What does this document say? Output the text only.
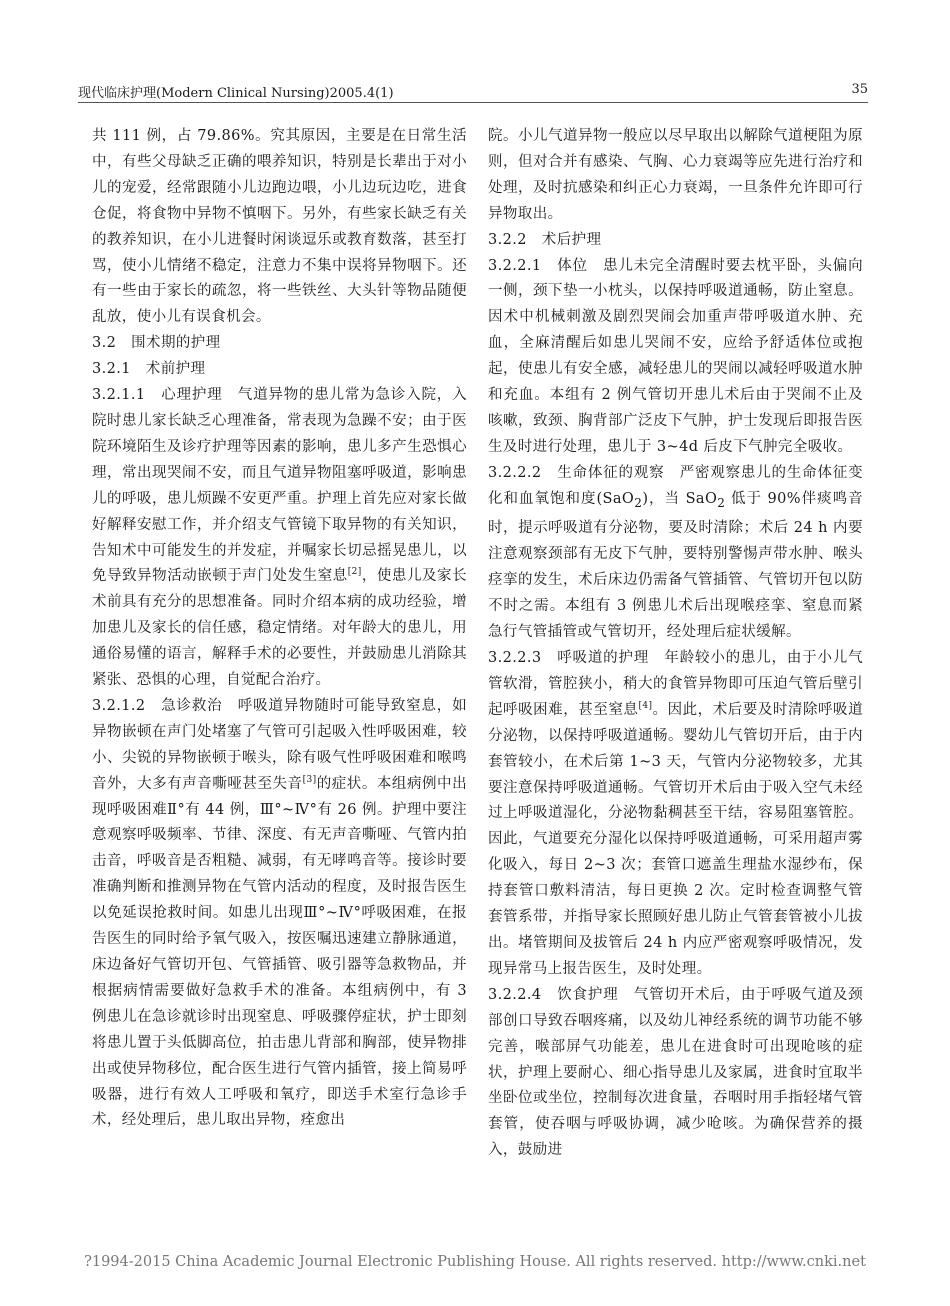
现代临床护理(Modern Clinical Nursing)2005.4(1)	35

共 111 例，占 79.86%。究其原因，主要是在日常生活中，有些父母缺乏正确的喂养知识，特别是长辈出于对小儿的宠爱，经常跟随小儿边跑边喂，小儿边玩边吃，进食仓促，将食物中异物不慎咽下。另外，有些家长缺乏有关的教养知识，在小儿进餐时闲谈逗乐或教育数落，甚至打骂，使小儿情绪不稳定，注意力不集中误将异物咽下。还有一些由于家长的疏忽，将一些铁丝、大头针等物品随便乱放，使小儿有误食机会。

3.2　围术期的护理

3.2.1　术前护理

3.2.1.1　心理护理　气道异物的患儿常为急诊入院，入院时患儿家长缺乏心理准备，常表现为急躁不安；由于医院环境陌生及诊疗护理等因素的影响，患儿多产生恐惧心理，常出现哭闹不安，而且气道异物阻塞呼吸道，影响患儿的呼吸，患儿烦躁不安更严重。护理上首先应对家长做好解释安慰工作，并介绍支气管镜下取异物的有关知识，告知术中可能发生的并发症，并嘱家长切忌摇晃患儿，以免导致异物活动嵌顿于声门处发生窒息[2]，使患儿及家长术前具有充分的思想准备。同时介绍本病的成功经验，增加患儿及家长的信任感，稳定情绪。对年龄大的患儿，用通俗易懂的语言，解释手术的必要性，并鼓励患儿消除其紧张、恐惧的心理，自觉配合治疗。

3.2.1.2　急诊救治　呼吸道异物随时可能导致窒息，如异物嵌顿在声门处堵塞了气管可引起吸入性呼吸困难，较小、尖锐的异物嵌顿于喉头，除有吸气性呼吸困难和喉鸣音外，大多有声音嘶哑甚至失音[3]的症状。本组病例中出现呼吸困难Ⅱ°有 44 例，Ⅲ°~Ⅳ°有 26 例。护理中要注意观察呼吸频率、节律、深度、有无声音嘶哑、气管内拍击音，呼吸音是否粗糙、减弱，有无哮鸣音等。接诊时要准确判断和推测异物在气管内活动的程度，及时报告医生以免延误抢救时间。如患儿出现Ⅲ°~Ⅳ°呼吸困难，在报告医生的同时给予氧气吸入，按医嘱迅速建立静脉通道，床边备好气管切开包、气管插管、吸引器等急救物品，并根据病情需要做好急救手术的准备。本组病例中，有 3 例患儿在急诊就诊时出现窒息、呼吸骤停症状，护士即刻将患儿置于头低脚高位，拍击患儿背部和胸部，使异物排出或使异物移位，配合医生进行气管内插管，接上简易呼吸器，进行有效人工呼吸和氧疗，即送手术室行急诊手术，经处理后，患儿取出异物，痊愈出

院。小儿气道异物一般应以尽早取出以解除气道梗阻为原则，但对合并有感染、气胸、心力衰竭等应先进行治疗和处理，及时抗感染和纠正心力衰竭，一旦条件允许即可行异物取出。

3.2.2　术后护理

3.2.2.1　体位　患儿未完全清醒时要去枕平卧，头偏向一侧，颈下垫一小枕头，以保持呼吸道通畅，防止窒息。因术中机械刺激及剧烈哭闹会加重声带呼吸道水肿、充血，全麻清醒后如患儿哭闹不安，应给予舒适体位或抱起，使患儿有安全感，减轻患儿的哭闹以减轻呼吸道水肿和充血。本组有 2 例气管切开患儿术后由于哭闹不止及咳嗽，致颈、胸背部广泛皮下气肿，护士发现后即报告医生及时进行处理，患儿于 3~4d 后皮下气肿完全吸收。

3.2.2.2　生命体征的观察　严密观察患儿的生命体征变化和血氧饱和度(SaO$_2$)，当 SaO$_2$ 低于 90%伴痰鸣音时，提示呼吸道有分泌物，要及时清除；术后 24 h 内要注意观察颈部有无皮下气肿，要特别警惕声带水肿、喉头痉挛的发生，术后床边仍需备气管插管、气管切开包以防不时之需。本组有 3 例患儿术后出现喉痉挛、窒息而紧急行气管插管或气管切开，经处理后症状缓解。

3.2.2.3　呼吸道的护理　年龄较小的患儿，由于小儿气管软滑，管腔狭小，稍大的食管异物即可压迫气管后壁引起呼吸困难，甚至窒息[4]。因此，术后要及时清除呼吸道分泌物，以保持呼吸道通畅。婴幼儿气管切开后，由于内套管较小，在术后第 1~3 天，气管内分泌物较多，尤其要注意保持呼吸道通畅。气管切开术后由于吸入空气未经过上呼吸道湿化，分泌物黏稠甚至干结，容易阻塞管腔。因此，气道要充分湿化以保持呼吸道通畅，可采用超声雾化吸入，每日 2~3 次；套管口遮盖生理盐水湿纱布，保持套管口敷料清洁，每日更换 2 次。定时检查调整气管套管系带，并指导家长照顾好患儿防止气管套管被小儿拔出。堵管期间及拔管后 24 h 内应严密观察呼吸情况，发现异常马上报告医生，及时处理。

3.2.2.4　饮食护理　气管切开术后，由于呼吸气道及颈部创口导致吞咽疼痛，以及幼儿神经系统的调节功能不够完善，喉部屏气功能差，患儿在进食时可出现呛咳的症状，护理上要耐心、细心指导患儿及家属，进食时宜取半坐卧位或坐位，控制每次进食量，吞咽时用手指轻堵气管套管，使吞咽与呼吸协调，减少呛咳。为确保营养的摄入，鼓励进

?1994-2015 China Academic Journal Electronic Publishing House. All rights reserved. http://www.cnki.net
